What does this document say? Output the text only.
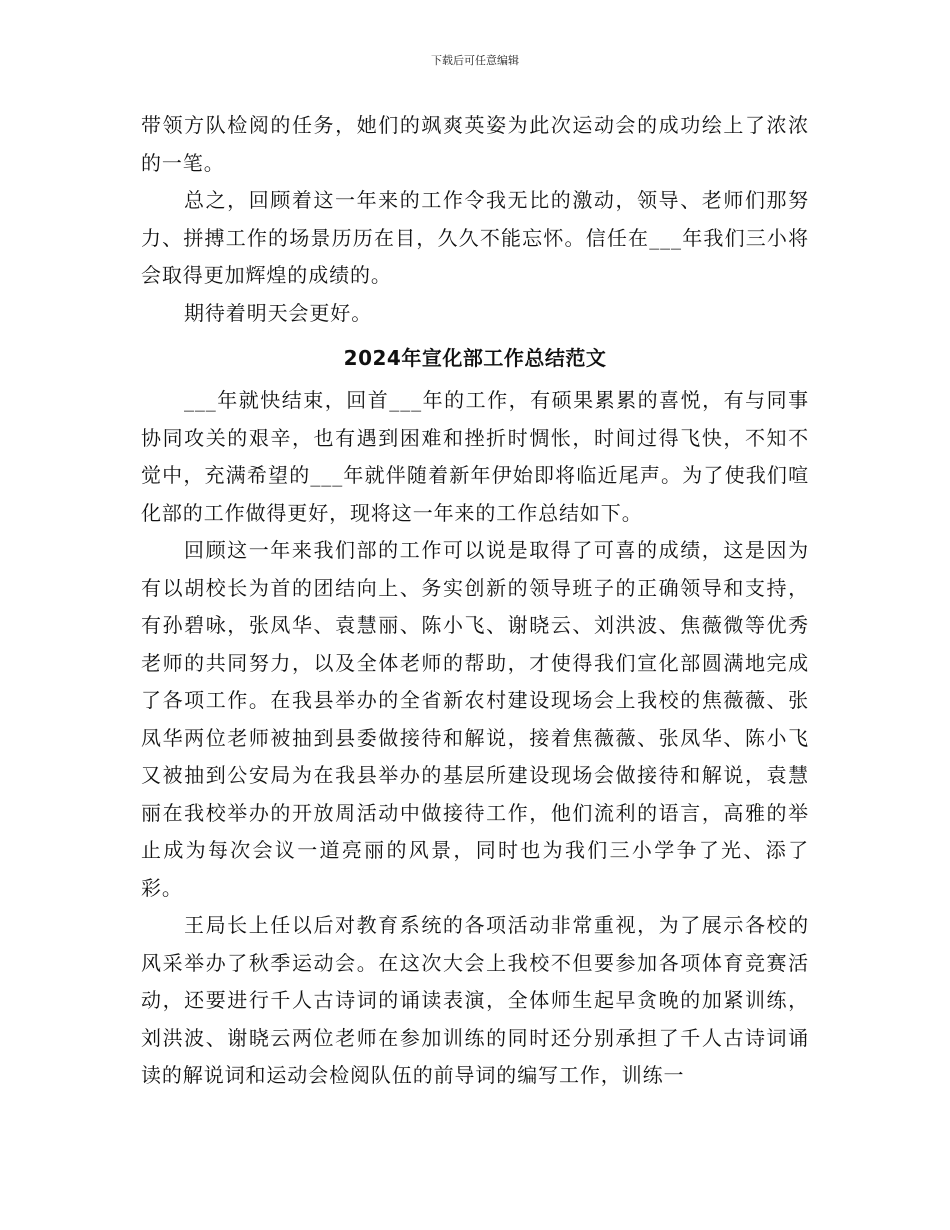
下载后可任意编辑

带领方队检阅的任务，她们的飒爽英姿为此次运动会的成功绘上了浓浓的一笔。

总之，回顾着这一年来的工作令我无比的激动，领导、老师们那努力、拼搏工作的场景历历在目，久久不能忘怀。信任在___年我们三小将会取得更加辉煌的成绩的。

期待着明天会更好。

2024年宣化部工作总结范文

___年就快结束，回首___年的工作，有硕果累累的喜悦，有与同事协同攻关的艰辛，也有遇到困难和挫折时惆怅，时间过得飞快，不知不觉中，充满希望的___年就伴随着新年伊始即将临近尾声。为了使我们喧化部的工作做得更好，现将这一年来的工作总结如下。

回顾这一年来我们部的工作可以说是取得了可喜的成绩，这是因为有以胡校长为首的团结向上、务实创新的领导班子的正确领导和支持，有孙碧咏，张凤华、袁慧丽、陈小飞、谢晓云、刘洪波、焦薇微等优秀老师的共同努力，以及全体老师的帮助，才使得我们宣化部圆满地完成了各项工作。在我县举办的全省新农村建设现场会上我校的焦薇薇、张凤华两位老师被抽到县委做接待和解说，接着焦薇薇、张凤华、陈小飞又被抽到公安局为在我县举办的基层所建设现场会做接待和解说，袁慧丽在我校举办的开放周活动中做接待工作，他们流利的语言，高雅的举止成为每次会议一道亮丽的风景，同时也为我们三小学争了光、添了彩。

王局长上任以后对教育系统的各项活动非常重视，为了展示各校的风采举办了秋季运动会。在这次大会上我校不但要参加各项体育竞赛活动，还要进行千人古诗词的诵读表演，全体师生起早贪晚的加紧训练，刘洪波、谢晓云两位老师在参加训练的同时还分别承担了千人古诗词诵读的解说词和运动会检阅队伍的前导词的编写工作，训练一
